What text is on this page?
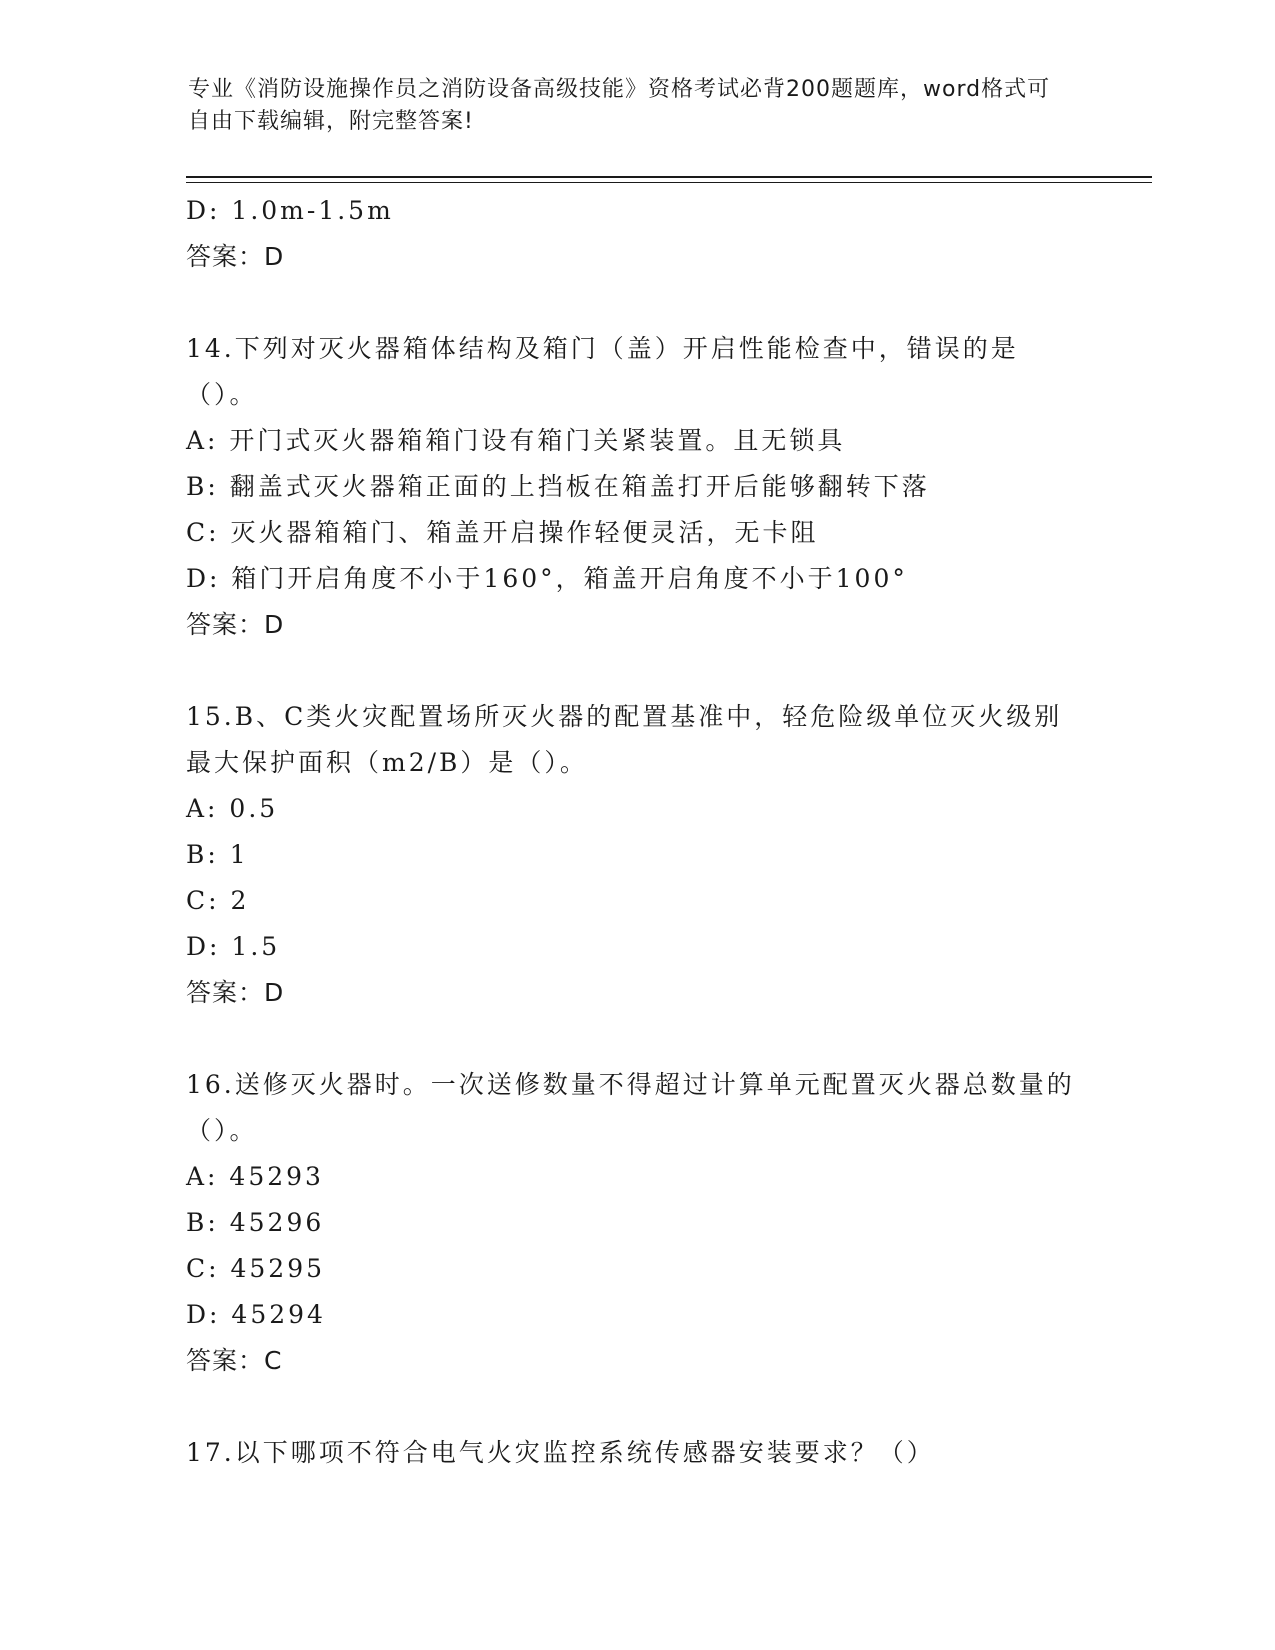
专业《消防设施操作员之消防设备高级技能》资格考试必背200题题库，word格式可自由下载编辑，附完整答案!
D: 1.0m-1.5m
答案：D
14.下列对灭火器箱体结构及箱门（盖）开启性能检查中，错误的是（）。
A: 开门式灭火器箱箱门设有箱门关紧装置。且无锁具
B: 翻盖式灭火器箱正面的上挡板在箱盖打开后能够翻转下落
C: 灭火器箱箱门、箱盖开启操作轻便灵活，无卡阻
D: 箱门开启角度不小于160°，箱盖开启角度不小于100°
答案：D
15.B、C类火灾配置场所灭火器的配置基准中，轻危险级单位灭火级别最大保护面积（m2/B）是（）。
A: 0.5
B: 1
C: 2
D: 1.5
答案：D
16.送修灭火器时。一次送修数量不得超过计算单元配置灭火器总数量的（）。
A: 45293
B: 45296
C: 45295
D: 45294
答案：C
17.以下哪项不符合电气火灾监控系统传感器安装要求？（）
